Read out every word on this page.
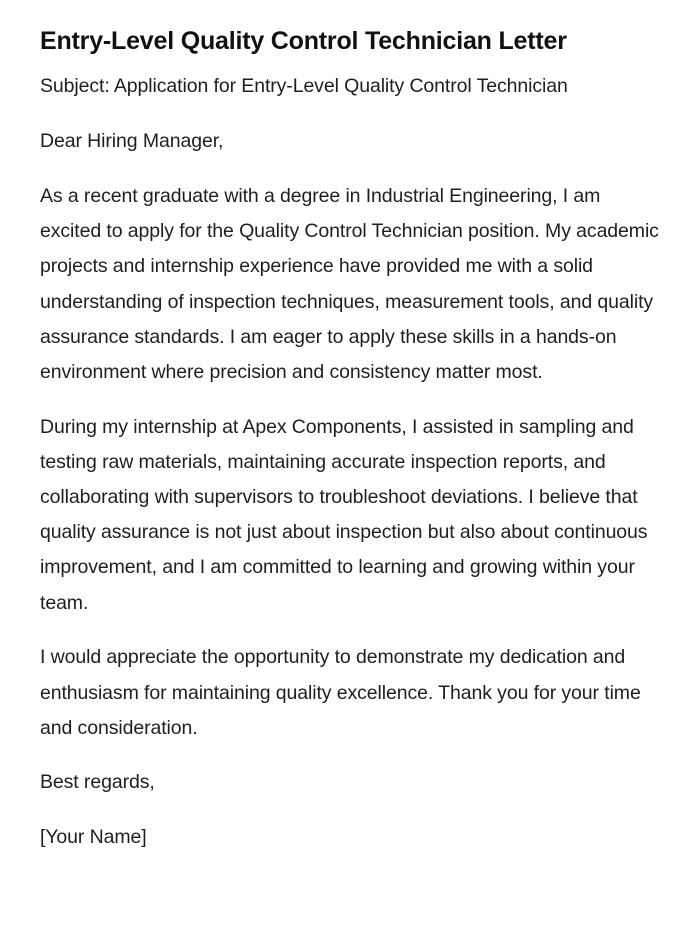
Entry-Level Quality Control Technician Letter

Subject: Application for Entry-Level Quality Control Technician

Dear Hiring Manager,

As a recent graduate with a degree in Industrial Engineering, I am excited to apply for the Quality Control Technician position. My academic projects and internship experience have provided me with a solid understanding of inspection techniques, measurement tools, and quality assurance standards. I am eager to apply these skills in a hands-on environment where precision and consistency matter most.

During my internship at Apex Components, I assisted in sampling and testing raw materials, maintaining accurate inspection reports, and collaborating with supervisors to troubleshoot deviations. I believe that quality assurance is not just about inspection but also about continuous improvement, and I am committed to learning and growing within your team.

I would appreciate the opportunity to demonstrate my dedication and enthusiasm for maintaining quality excellence. Thank you for your time and consideration.

Best regards,

[Your Name]
